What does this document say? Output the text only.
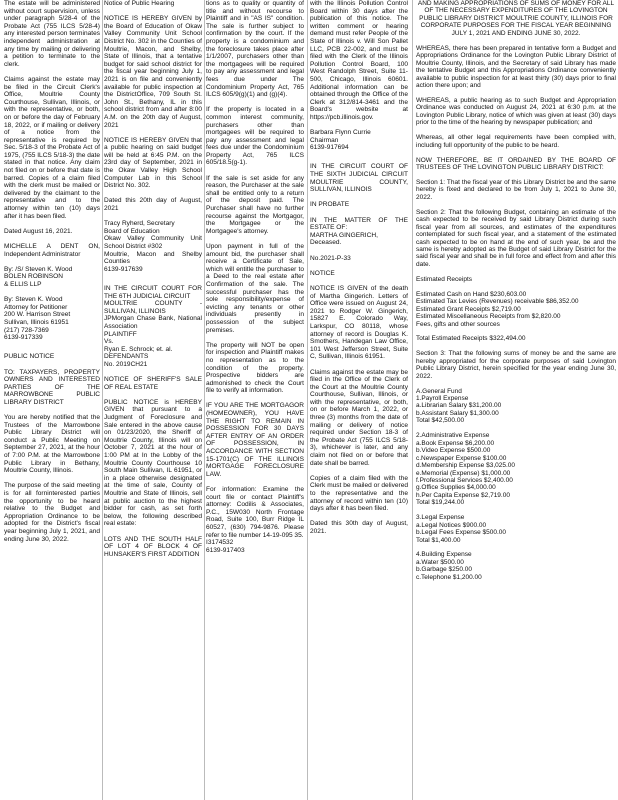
The estate will be administered without court supervision, unless under paragraph 5/28-4 of the Probate Act (755 ILCS 5/28-4) any interested person terminates independent administration at any time by mailing or delivering a petition to terminate to the clerk.

Claims against the estate may be filed in the Circuit Clerk's Office, Moultrie County Courthouse, Sullivan, Illinois, or with the representative, or both, on or before the day of February 18, 2022, or if mailing or delivery of a notice from the representative is required by Sec. 5/18-3 of the Probate Act of 1975, (755 ILCS 5/18-3) the date stated in that notice. Any claim not filed on or before that date is barred. Copies of a claim filed with the clerk must be mailed or delivered by the claimant to the representative and to the attorney within ten (10) days after it has been filed.

Dated August 16, 2021.

MICHELLE A DENT ON, Independent Administrator

By: /S/ Steven K. Wood
BOLEN ROBINSON
& ELLIS LLP

By: Steven K. Wood
Attorney for Petitioner
200 W. Harrison Street
Sullivan, Illinois 61951
(217) 728-7369
6139-917339

PUBLIC NOTICE

TO: TAXPAYERS, PROPERTY OWNERS AND INTERESTED PARTIES OF THE MARROWBONE PUBLIC LIBRARY DISTRICT

You are hereby notified that the Trustees of the Marrowbone Public Library District will conduct a Public Meeting on September 27, 2021, at the hour of 7:00 P.M. at the Marrowbone Public Library in Bethany, Moultrie County, Illinois.

The purpose of the said meeting is for all forninterested parties the opportunity to be heard relative to the Budget and Appropriation Ordinance to be adopted for the District's fiscal year beginning July 1, 2021, and ending June 30, 2022.

Notice of Public Hearing

NOTICE IS HEREBY GIVEN by the Board of Education of Okaw Valley Community Unit School District No. 302 in the Counties of Moultrie, Macon, and Shelby, State of Illinois, that a tentative budget for said school district for the fiscal year beginning July 1, 2021 is on file and conveniently available for public inspection at the DistrictOffice, 709 South St. John St., Bethany, IL in this school district from and after 8:00 A.M. on the 20th day of August, 2021

NOTICE IS HEREBY GIVEN that a public hearing on said budget will be held at 6:45 P.M. on the 23rd day of September, 2021 in the Okaw Valley High School Computer Lab in this School District No. 302.

Dated this 20th day of August, 2021

Tracy Ryherd, Secretary
Board of Education
Okaw Valley Community Unit School District #302
Moultrie, Macon and Shelby Counties
6139-917639

IN THE CIRCUIT COURT FOR THE 6TH JUDICIAL CIRCUIT
MOULTRIE COUNTY - SULLIVAN, ILLINOIS
JPMorgan Chase Bank, National Association
PLAINTIFF
Vs.
Ryan E. Schrock; et. al.
DEFENDANTS
No. 2019CH21

NOTICE OF SHERIFF'S SALE OF REAL ESTATE

PUBLIC NOTICE is HEREBY GIVEN that pursuant to a Judgment of Foreclosure and Sale entered in the above cause on 01/23/2020, the Sheriff of Moultrie County, Illinois will on October 7, 2021 at the hour of 1:00 PM at In the Lobby of the Moultrie County Courthouse 10 South Main Sullivan, IL 61951, or in a place otherwise designated at the time of sale, County of Moultrie and State of Illinois, sell at public auction to the highest bidder for cash, as set forth below, the following described real estate:

LOTS AND THE SOUTH HALF OF LOT 4 OF BLOCK 4 OF HUNSAKER'S FIRST ADDITION

tions as to quality or quantity of title and without recourse to Plaintiff and in "AS IS" condition. The sale is further subject to confirmation by the court. If the property is a condominium and the foreclosure takes place after 1/1/2007, purchasers other than the mortgagees will be required to pay any assessment and legal fees due under The Condominium Property Act, 765 ILCS 605/9(g)(1) and (g)(4).

If the property is located in a common interest community, purchasers other than mortgagees will be required to pay any assessment and legal fees due under the Condominium Property Act, 765 ILCS 605/18.5(g-1).

If the sale is set aside for any reason, the Purchaser at the sale shall be entitled only to a return of the deposit paid. The Purchaser shall have no further recourse against the Mortgagor, the Mortgagee or the Mortgagee's attorney.

Upon payment in full of the amount bid, the purchaser shall receive a Certificate of Sale, which will entitle the purchaser to a Deed to the real estate after Confirmation of the sale. The successful purchaser has the sole responsibility/expense of evicting any tenants or other individuals presently in possession of the subject premises.

The property will NOT be open for inspection and Plaintiff makes no representation as to the condition of the property. Prospective bidders are admonished to check the Court file to verify all information.

IF YOU ARE THE MORTGAGOR (HOMEOWNER), YOU HAVE THE RIGHT TO REMAIN IN POSSESSION FOR 30 DAYS AFTER ENTRY OF AN ORDER OF POSSESSION, IN ACCORDANCE WITH SECTION 15-1701(C) OF THE ILLINOIS MORTGAGE FORECLOSURE LAW.

For information: Examine the court file or contact Plaintiff's attorney: Codilis & Associates, P.C., 15W030 North Frontage Road, Suite 100, Burr Ridge IL 60527, (630) 794-9876. Please refer to file number 14-19-095 35.
I3174532
6139-917403

with the Illinois Pollution Control Board within 30 days after the publication of this notice. The written comment or hearing demand must refer People of the State of Illinois v. Will Son Pallet LLC, PCB 22-002, and must be filed with the Clerk of the Illinois Pollution Control Board, 100 West Randolph Street, Suite 11-500, Chicago, Illinois 60601. Additional information can be obtained through the Office of the Clerk at 312/814-3461 and the Board's website at https://pcb.illinois.gov.

Barbara Flynn Currie
Chairman
6139-917694

IN THE CIRCUIT COURT OF THE SIXTH JUDICIAL CIRCUIT MOULTRIE COUNTY, SULLIVAN, ILLINOIS

IN PROBATE

IN THE MATTER OF THE ESTATE OF:
MARTHA GINGERICH,
Deceased.

No.2021-P-33

NOTICE

NOTICE IS GIVEN of the death of Martha Gingerich. Letters of Office were issued on August 24, 2021 to Rodger W. Gingerich, 15827 E. Colorado Way, Larkspur, CO 80118, whose attorney of record is Douglas K. Smothers, Handegan Law Office, 101 West Jefferson Street, Suite C, Sullivan, Illinois 61951.

Claims against the estate may be filed in the Office of the Clerk of the Court at the Moultrie County Courthouse, Sullivan, Illinois, or with the representative, or both, on or before March 1, 2022, or three (3) months from the date of mailing or delivery of notice required under Section 18-3 of the Probate Act (755 ILCS 5/18-3), whichever is later, and any claim not filed on or before that date shall be barred.

Copies of a claim filed with the Clerk must be mailed or delivered to the representative and the attorney of record within ten (10) days after it has been filed.

Dated this 30th day of August, 2021.

AND MAKING APPROPRIATIONS OF SUMS OF MONEY FOR ALL OF THE NECESSARY EXPENDITURES OF THE LOVINGTON PUBLIC LIBRARY DISTRICT MOULTRIE COUNTY, ILLINOIS FOR CORPORATE PURPOSES FOR THE FISCAL YEAR BEGINNING JULY 1, 2021 AND ENDING JUNE 30, 2022.

WHEREAS, there has been prepared in tentative form a Budget and Appropriations Ordinance for the Lovington Public Library District of Moultrie County, Illinois, and the Secretary of said Library has made the tentative Budget and this Appropriations Ordinance conveniently available to public inspection for at least thirty (30) days prior to final action there upon; and

WHEREAS, a public hearing as to such Budget and Appropriation Ordinance was conducted on August 24, 2021 at 6:30 p.m. at the Lovington Public Library, notice of which was given at least (30) days prior to the time of the hearing by newspaper publication; and

Whereas, all other legal requirements have been complied with, including full opportunity of the public to be heard.

NOW THEREFORE, BE IT ORDAINED BY THE BOARD OF TRUSTEES OF THE LOVINGTON PUBLIC LIBRARY DISTRICT:

Section 1: That the fiscal year of this Library District be and the same hereby is fixed and declared to be from July 1, 2021 to June 30, 2022.

Section 2: That the following Budget, containing an estimate of the cash expected to be received by said Library District during such fiscal year from all sources, and estimates of the expenditures contemplated for such fiscal year, and a statement of the estimated cash expected to be on hand at the end of such year, be and the same is hereby adopted as the Budget of said Library District for the said fiscal year and shall be in full force and effect from and after this date.

Estimated Receipts

Estimated Cash on Hand $230,603.00
Estimated Tax Levies (Revenues) receivable $86,352.00
Estimated Grant Receipts $2,719.00
Estimated Miscellaneous Receipts from $2,820.00
Fees, gifts and other sources

Total Estimated Receipts $322,494.00

Section 3: That the following sums of money be and the same are hereby appropriated for the corporate purposes of said Lovington Public Library District, herein specified for the year ending June 30, 2022.

A.General Fund
1.Payroll Expense
a.Librarian Salary $31,200.00
b.Assistant Salary $1,300.00
Total $42,500.00

2.Administrative Expense
a.Book Expense $6,200.00
b.Video Expense $500.00
c.Newspaper Expense $100.00
d.Membership Expense $3,025.00
e.Memorial (Expense) $1,000.00
f.Professional Services $2,400.00
g.Office Supplies $4,000.00
h.Per Capita Expense $2,719.00
Total $19,244.00

3.Legal Expense
a.Legal Notices $900.00
b.Legal Fees Expense $500.00
Total $1,400.00

4.Building Expense
a.Water $500.00
b.Garbage $250.00
c.Telephone $1,200.00
